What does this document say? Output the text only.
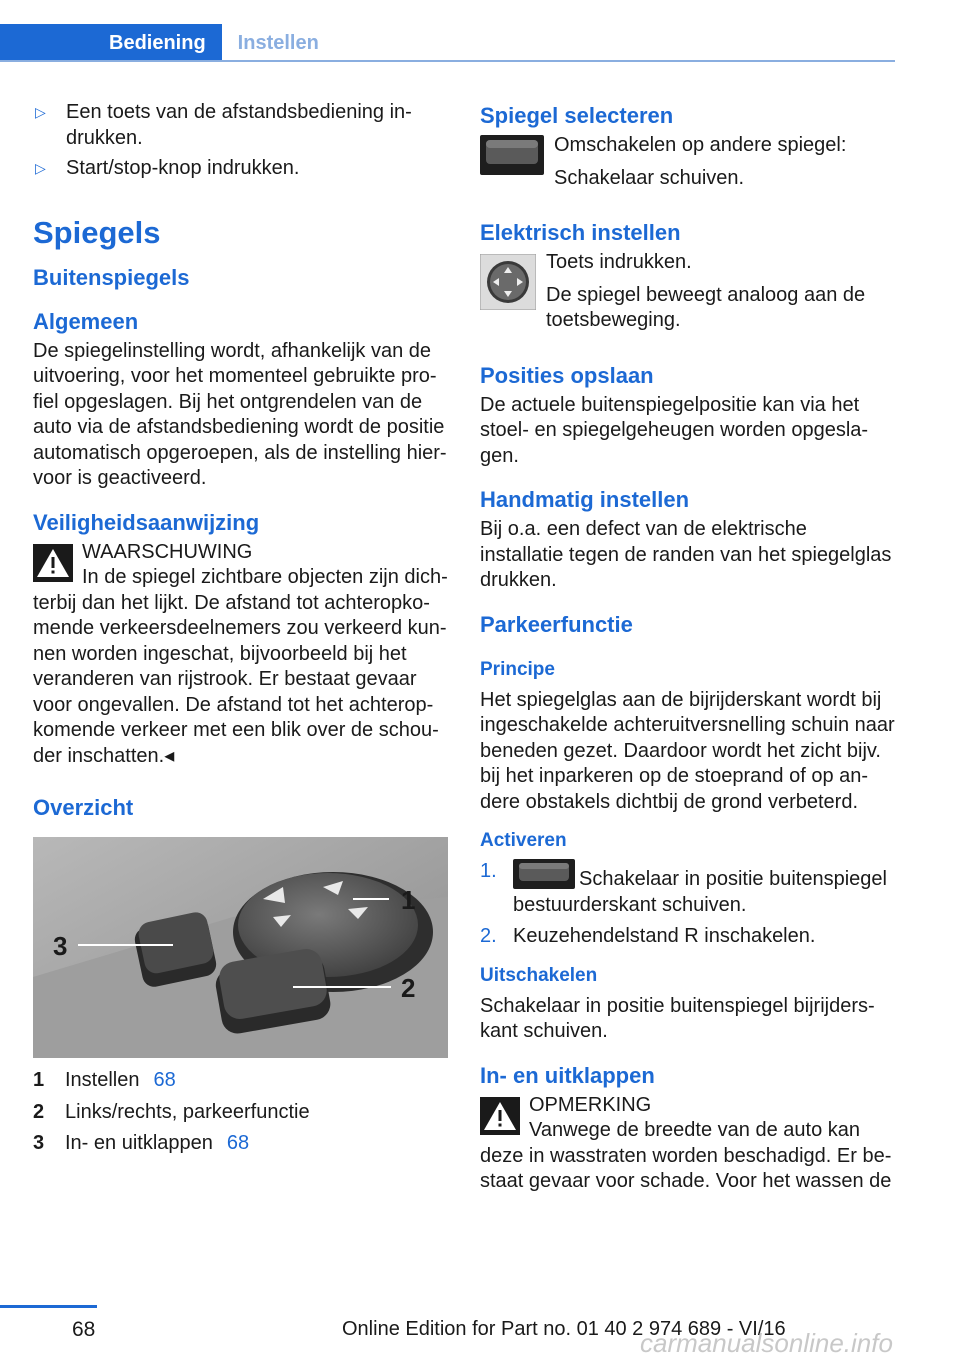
Bediening	Instellen
▷ Een toets van de afstandsbediening in-drukken.
▷ Start/stop-knop indrukken.
Spiegels
Buitenspiegels
Algemeen

De spiegelinstelling wordt, afhankelijk van de uitvoering, voor het momenteel gebruikte pro-fiel opgeslagen. Bij het ontgrendelen van de auto via de afstandsbediening wordt de positie automatisch opgeroepen, als de instelling hier-voor is geactiveerd.

Veiligheidsaanwijzing
WAARSCHUWING

In de spiegel zichtbare objecten zijn dich-
terbij dan het lijkt. De afstand tot achteropko-mende verkeersdeelnemers zou verkeerd kun-nen worden ingeschat, bijvoorbeeld bij het veranderen van rijstrook. Er bestaat gevaar voor ongevallen. De afstand tot het achterop-komende verkeer met een blik over de schou-der inschatten.◂

Overzicht
1
2
3
1	Instellen 68
2	Links/rechts, parkeerfunctie
3	In- en uitklappen 68
Spiegel selecteren

Omschakelen op andere spiegel:

Schakelaar schuiven.

Elektrisch instellen

Toets indrukken.

De spiegel beweegt analoog aan de toetsbeweging.

Posities opslaan

De actuele buitenspiegelpositie kan via het stoel- en spiegelgeheugen worden opgesla-gen.

Handmatig instellen

Bij o.a. een defect van de elektrische installatie tegen de randen van het spiegelglas drukken.

Parkeerfunctie
Principe

Het spiegelglas aan de bijrijderskant wordt bij ingeschakelde achteruitversnelling schuin naar beneden gezet. Daardoor wordt het zicht bijv. bij het inparkeren op de stoeprand of op an-dere obstakels dichtbij de grond verbeterd.

Activeren
1.	Schakelaar in positie buitenspiegel bestuurderskant schuiven.
2. Keuzehendelstand R inschakelen.
Uitschakelen

Schakelaar in positie buitenspiegel bijrijders-kant schuiven.

In- en uitklappen
OPMERKING

Vanwege de breedte van de auto kan
deze in wasstraten worden beschadigd. Er be-staat gevaar voor schade. Voor het wassen de

68	Online Edition for Part no. 01 40 2 974 689 - VI/16
carmanualsonline.info
